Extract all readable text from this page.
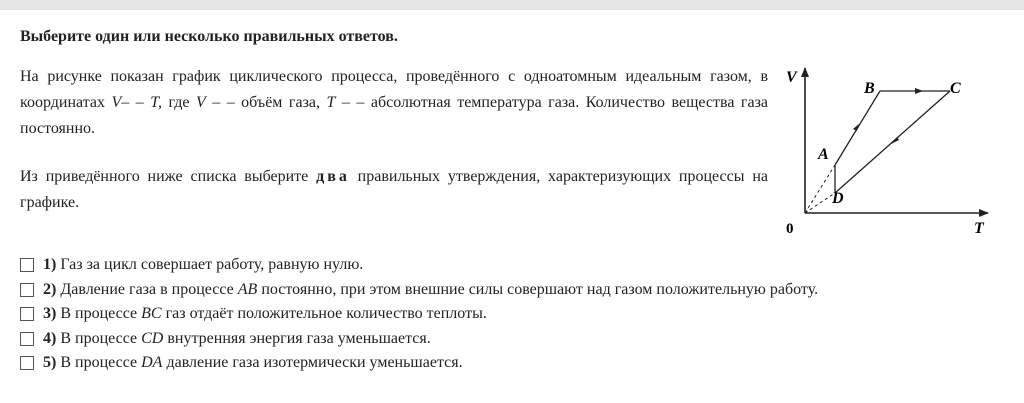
Выберите один или несколько правильных ответов.

На рисунке показан график циклического процесса, проведённого с одноатомным идеальным газом, в координатах V– – T, где V – – объём газа, T – – абсолютная температура газа. Количество вещества газа постоянно.

Из приведённого ниже списка выберите два правильных утверждения, характеризующих процессы на графике.

V
T
0
A
B	C
D
1) Газ за цикл совершает работу, равную нулю.
2) Давление газа в процессе
AB
постоянно, при этом внешние силы совершают над газом положительную работу.
3) В процессе
BC
газ отдаёт положительное количество теплоты.
4) В процессе
CD
внутренняя энергия газа уменьшается.
5) В процессе
DA
давление газа изотермически уменьшается.
